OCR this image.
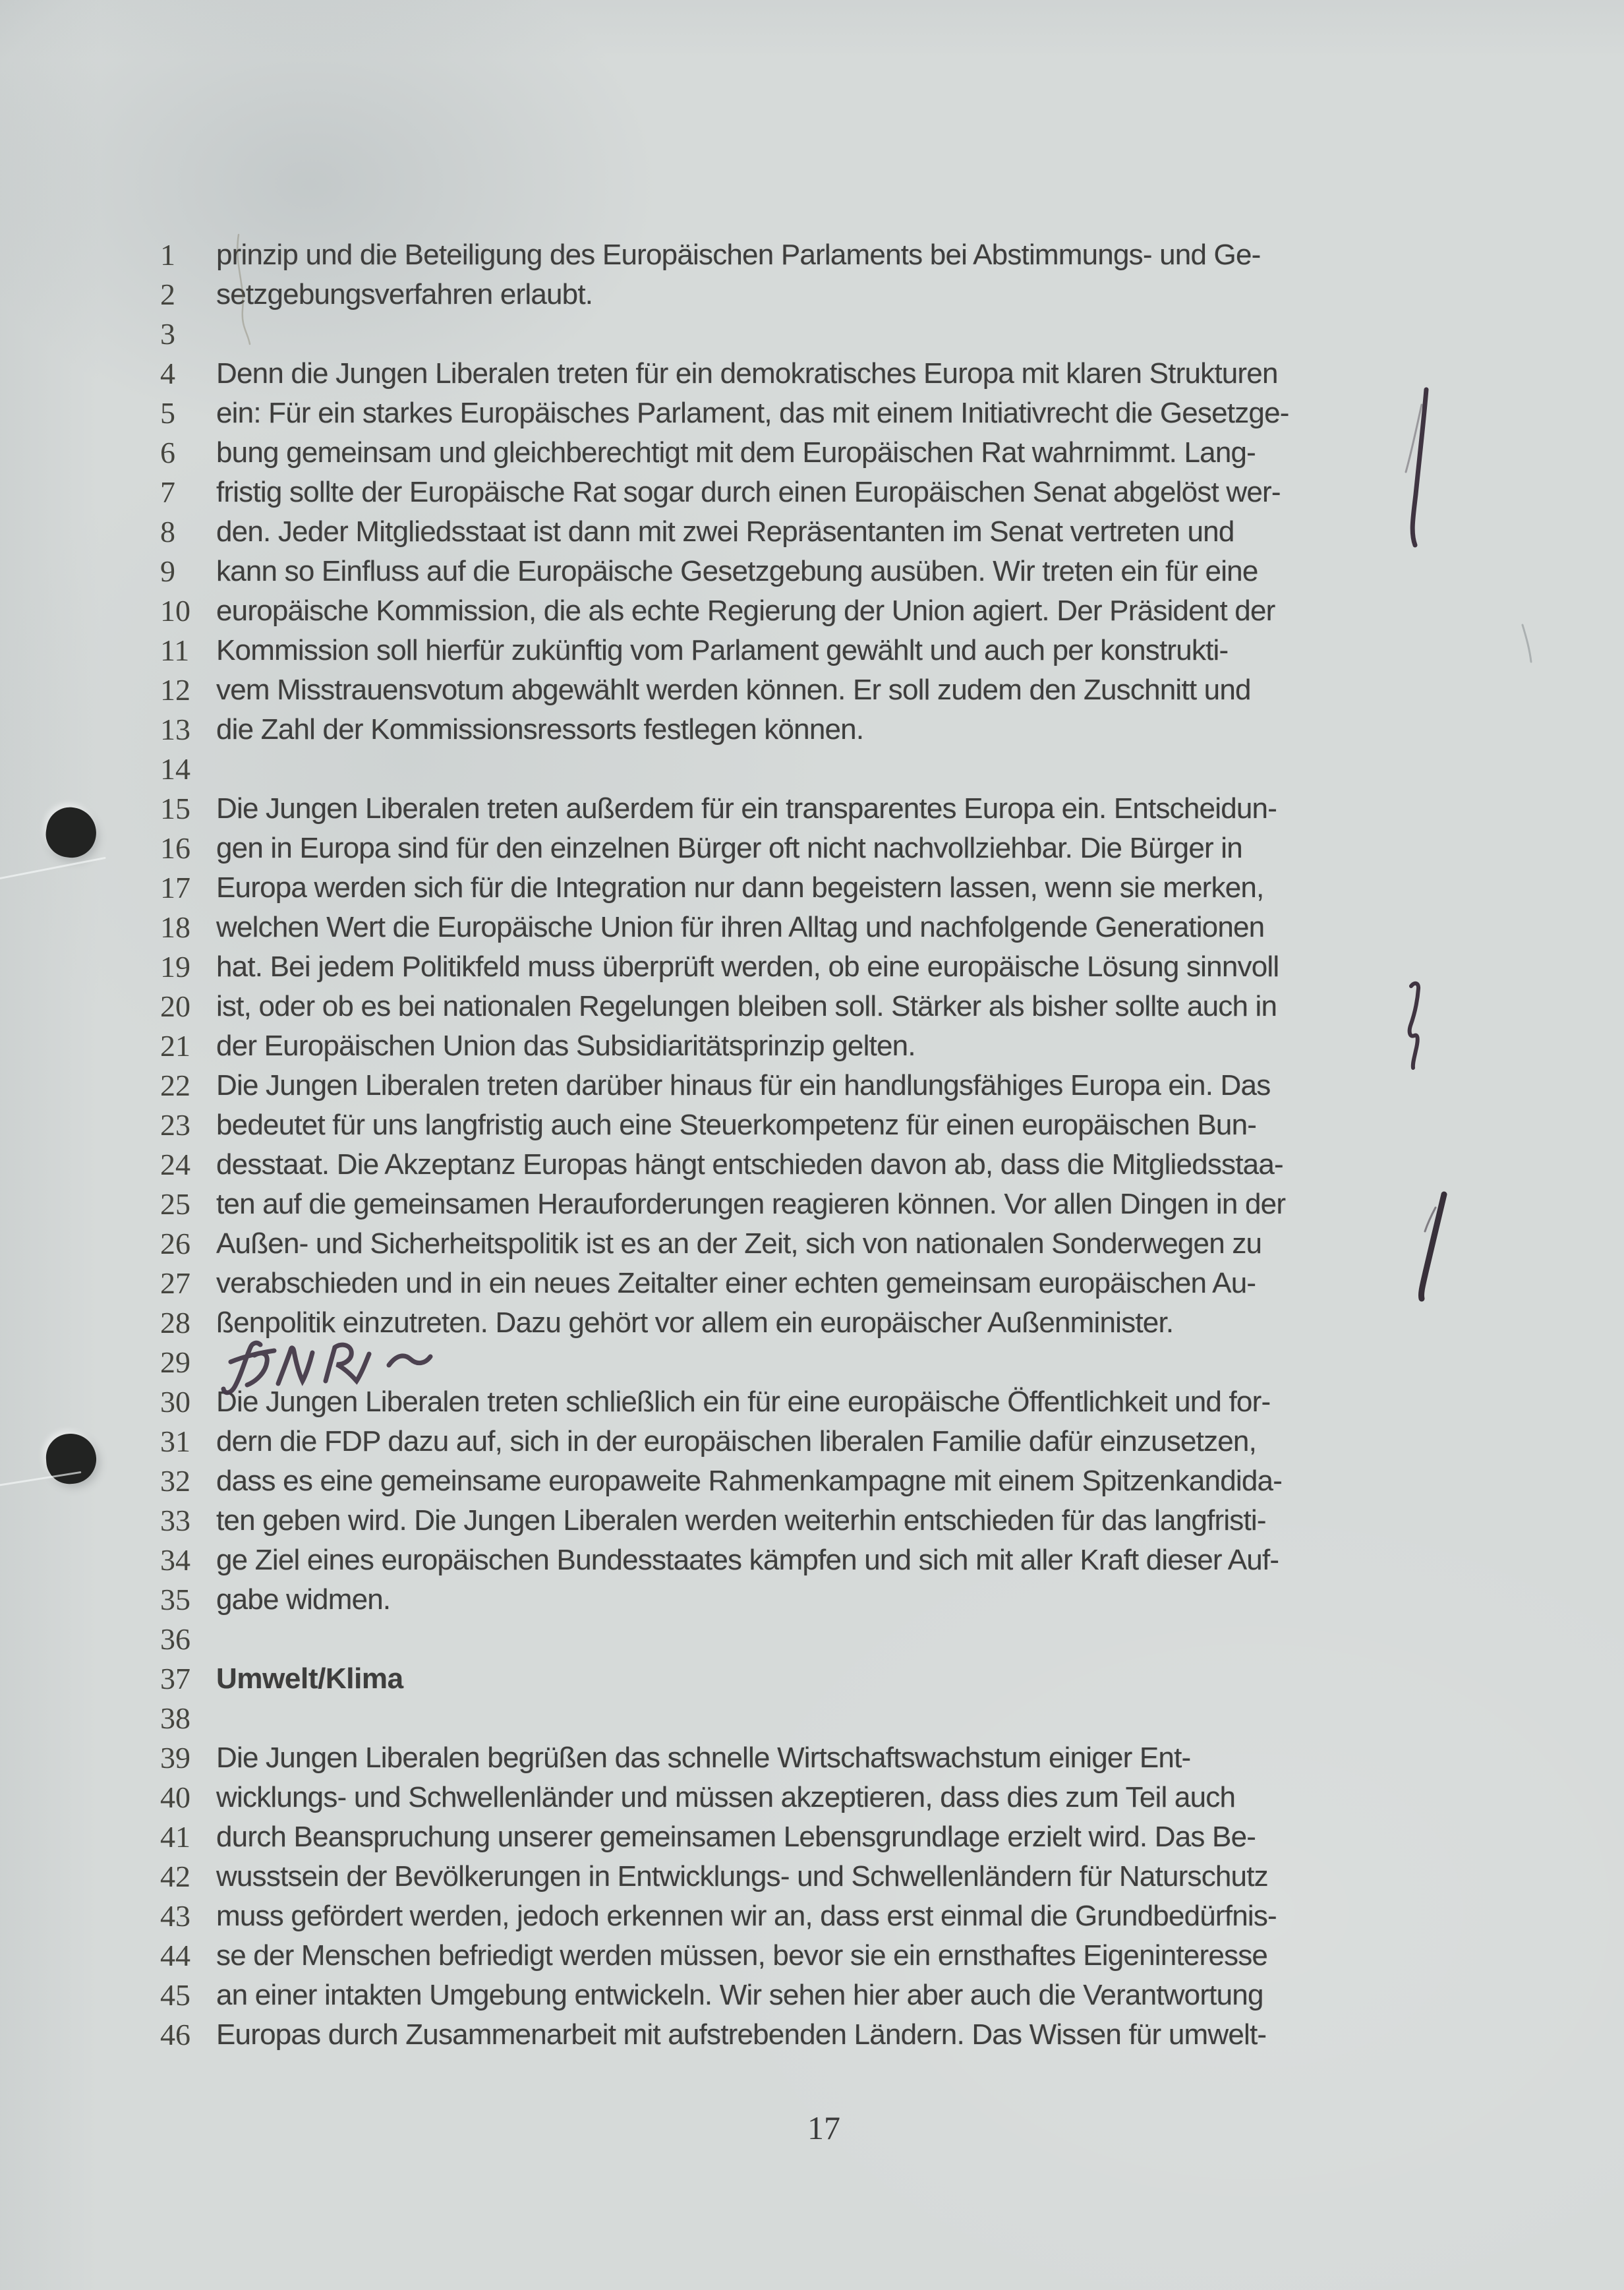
1 prinzip und die Beteiligung des Europäischen Parlaments bei Abstimmungs- und Ge-
2 setzgebungsverfahren erlaubt.
3
4 Denn die Jungen Liberalen treten für ein demokratisches Europa mit klaren Strukturen
5 ein: Für ein starkes Europäisches Parlament, das mit einem Initiativrecht die Gesetzge-
6 bung gemeinsam und gleichberechtigt mit dem Europäischen Rat wahrnimmt. Lang-
7 fristig sollte der Europäische Rat sogar durch einen Europäischen Senat abgelöst wer-
8 den. Jeder Mitgliedsstaat ist dann mit zwei Repräsentanten im Senat vertreten und
9 kann so Einfluss auf die Europäische Gesetzgebung ausüben. Wir treten ein für eine
10 europäische Kommission, die als echte Regierung der Union agiert. Der Präsident der
11 Kommission soll hierfür zukünftig vom Parlament gewählt und auch per konstrukti-
12 vem Misstrauensvotum abgewählt werden können. Er soll zudem den Zuschnitt und
13 die Zahl der Kommissionsressorts festlegen können.
14
15 Die Jungen Liberalen treten außerdem für ein transparentes Europa ein. Entscheidun-
16 gen in Europa sind für den einzelnen Bürger oft nicht nachvollziehbar. Die Bürger in
17 Europa werden sich für die Integration nur dann begeistern lassen, wenn sie merken,
18 welchen Wert die Europäische Union für ihren Alltag und nachfolgende Generationen
19 hat. Bei jedem Politikfeld muss überprüft werden, ob eine europäische Lösung sinnvoll
20 ist, oder ob es bei nationalen Regelungen bleiben soll. Stärker als bisher sollte auch in
21 der Europäischen Union das Subsidiaritätsprinzip gelten.
22 Die Jungen Liberalen treten darüber hinaus für ein handlungsfähiges Europa ein. Das
23 bedeutet für uns langfristig auch eine Steuerkompetenz für einen europäischen Bun-
24 desstaat. Die Akzeptanz Europas hängt entschieden davon ab, dass die Mitgliedsstaa-
25 ten auf die gemeinsamen Herauforderungen reagieren können. Vor allen Dingen in der
26 Außen- und Sicherheitspolitik ist es an der Zeit, sich von nationalen Sonderwegen zu
27 verabschieden und in ein neues Zeitalter einer echten gemeinsam europäischen Au-
28 ßenpolitik einzutreten. Dazu gehört vor allem ein europäischer Außenminister.
29
30 Die Jungen Liberalen treten schließlich ein für eine europäische Öffentlichkeit und for-
31 dern die FDP dazu auf, sich in der europäischen liberalen Familie dafür einzusetzen,
32 dass es eine gemeinsame europaweite Rahmenkampagne mit einem Spitzenkandida-
33 ten geben wird. Die Jungen Liberalen werden weiterhin entschieden für das langfristi-
34 ge Ziel eines europäischen Bundesstaates kämpfen und sich mit aller Kraft dieser Auf-
35 gabe widmen.
36
37 Umwelt/Klima
38
39 Die Jungen Liberalen begrüßen das schnelle Wirtschaftswachstum einiger Ent-
40 wicklungs- und Schwellenländer und müssen akzeptieren, dass dies zum Teil auch
41 durch Beanspruchung unserer gemeinsamen Lebensgrundlage erzielt wird. Das Be-
42 wusstsein der Bevölkerungen in Entwicklungs- und Schwellenländern für Naturschutz
43 muss gefördert werden, jedoch erkennen wir an, dass erst einmal die Grundbedürfnis-
44 se der Menschen befriedigt werden müssen, bevor sie ein ernsthaftes Eigeninteresse
45 an einer intakten Umgebung entwickeln. Wir sehen hier aber auch die Verantwortung
46 Europas durch Zusammenarbeit mit aufstrebenden Ländern. Das Wissen für umwelt-
17
